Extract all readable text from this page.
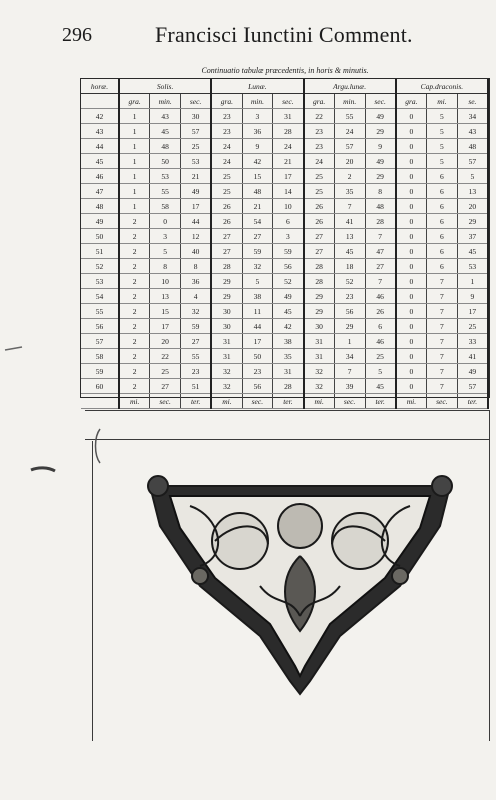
296	Francisci Iunctini Comment.
Continuatio tabulæ præcedentis, in horis & minutis.
horæ.	Solis.			Lunæ.			Argu.lunæ.			Cap.draconis.		
	gra.	min.	sec.	gra.	min.	sec.	gra.	min.	sec.	gra.	mi.	se.
42	1	43	30	23	3	31	22	55	49	0	5	34
43	1	45	57	23	36	28	23	24	29	0	5	43
44	1	48	25	24	9	24	23	57	9	0	5	48
45	1	50	53	24	42	21	24	20	49	0	5	57
46	1	53	21	25	15	17	25	2	29	0	6	5
47	1	55	49	25	48	14	25	35	8	0	6	13
48	1	58	17	26	21	10	26	7	48	0	6	20
49	2	0	44	26	54	6	26	41	28	0	6	29
50	2	3	12	27	27	3	27	13	7	0	6	37
51	2	5	40	27	59	59	27	45	47	0	6	45
52	2	8	8	28	32	56	28	18	27	0	6	53
53	2	10	36	29	5	52	28	52	7	0	7	1
54	2	13	4	29	38	49	29	23	46	0	7	9
55	2	15	32	30	11	45	29	56	26	0	7	17
56	2	17	59	30	44	42	30	29	6	0	7	25
57	2	20	27	31	17	38	31	1	46	0	7	33
58	2	22	55	31	50	35	31	34	25	0	7	41
59	2	25	23	32	23	31	32	7	5	0	7	49
60	2	27	51	32	56	28	32	39	45	0	7	57
	mi.	sec.	ter.	mi.	sec.	ter.	mi.	sec.	ter.	mi.	sec.	ter.
